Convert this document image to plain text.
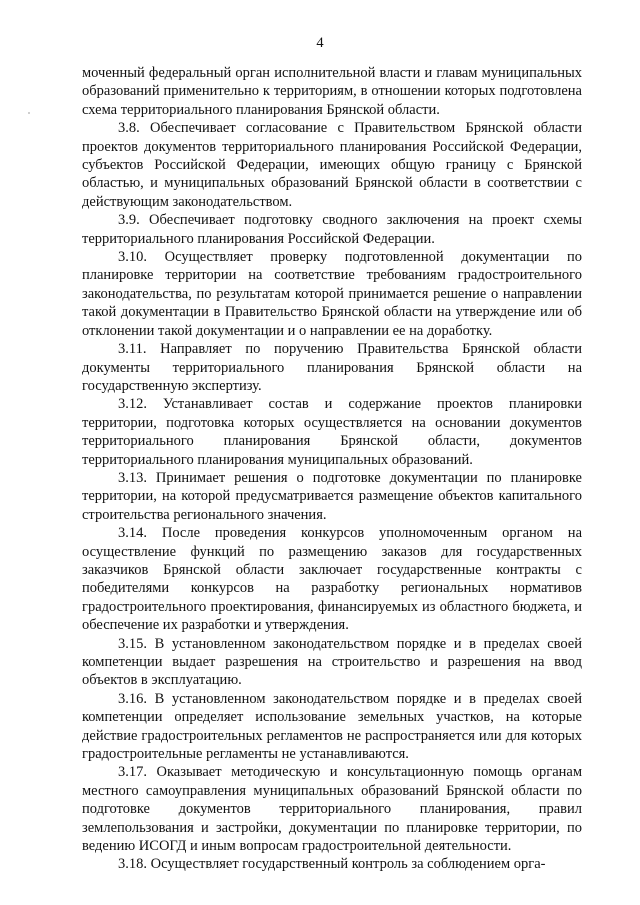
4

моченный федеральный орган исполнительной власти и главам муниципальных образований применительно к территориям, в отношении которых подготовлена схема территориального планирования Брянской области.

3.8. Обеспечивает согласование с Правительством Брянской области проектов документов территориального планирования Российской Федерации, субъектов Российской Федерации, имеющих общую границу с Брянской областью, и муниципальных образований Брянской области в соответствии с действующим законодательством.

3.9. Обеспечивает подготовку сводного заключения на проект схемы территориального планирования Российской Федерации.

3.10. Осуществляет проверку подготовленной документации по планировке территории на соответствие требованиям градостроительного законодательства, по результатам которой принимается решение о направлении такой документации в Правительство Брянской области на утверждение или об отклонении такой документации и о направлении ее на доработку.

3.11. Направляет по поручению Правительства Брянской области документы территориального планирования Брянской области на государственную экспертизу.

3.12. Устанавливает состав и содержание проектов планировки территории, подготовка которых осуществляется на основании документов территориального планирования Брянской области, документов территориального планирования муниципальных образований.

3.13. Принимает решения о подготовке документации по планировке территории, на которой предусматривается размещение объектов капитального строительства регионального значения.

3.14. После проведения конкурсов уполномоченным органом на осуществление функций по размещению заказов для государственных заказчиков Брянской области заключает государственные контракты с победителями конкурсов на разработку региональных нормативов градостроительного проектирования, финансируемых из областного бюджета, и обеспечение их разработки и утверждения.

3.15. В установленном законодательством порядке и в пределах своей компетенции выдает разрешения на строительство и разрешения на ввод объектов в эксплуатацию.

3.16. В установленном законодательством порядке и в пределах своей компетенции определяет использование земельных участков, на которые действие градостроительных регламентов не распространяется или для которых градостроительные регламенты не устанавливаются.

3.17. Оказывает методическую и консультационную помощь органам местного самоуправления муниципальных образований Брянской области по подготовке документов территориального планирования, правил землепользования и застройки, документации по планировке территории, по ведению ИСОГД и иным вопросам градостроительной деятельности.

3.18. Осуществляет государственный контроль за соблюдением орга-
